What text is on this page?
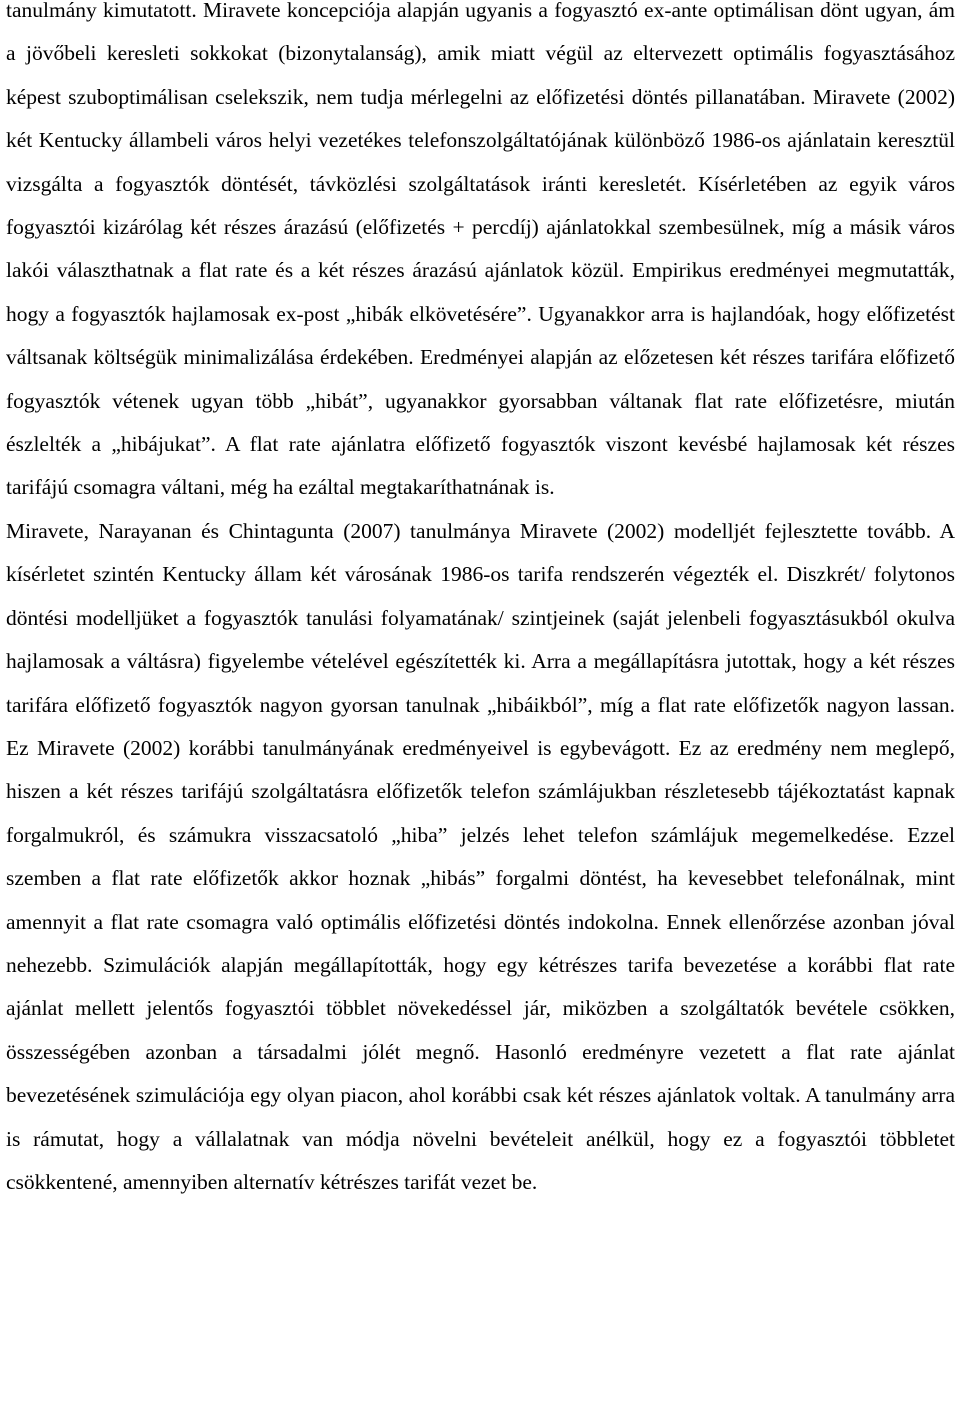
tanulmány kimutatott. Miravete koncepciója alapján ugyanis a fogyasztó ex-ante optimálisan dönt ugyan, ám a jövőbeli keresleti sokkokat (bizonytalanság), amik miatt végül az eltervezett optimális fogyasztásához képest szuboptimálisan cselekszik, nem tudja mérlegelni az előfizetési döntés pillanatában. Miravete (2002) két Kentucky állambeli város helyi vezetékes telefonszolgáltatójának különböző 1986-os ajánlatain keresztül vizsgálta a fogyasztók döntését, távközlési szolgáltatások iránti keresletét. Kísérletében az egyik város fogyasztói kizárólag két részes árazású (előfizetés + percdíj) ajánlatokkal szembesülnek, míg a másik város lakói választhatnak a flat rate és a két részes árazású ajánlatok közül. Empirikus eredményei megmutatták, hogy a fogyasztók hajlamosak ex-post „hibák elkövetésére”. Ugyanakkor arra is hajlandóak, hogy előfizetést váltsanak költségük minimalizálása érdekében. Eredményei alapján az előzetesen két részes tarifára előfizető fogyasztók vétenek ugyan több „hibát”, ugyanakkor gyorsabban váltanak flat rate előfizetésre, miután észlelték a „hibájukat”. A flat rate ajánlatra előfizető fogyasztók viszont kevésbé hajlamosak két részes tarifájú csomagra váltani, még ha ezáltal megtakaríthatnának is.

Miravete, Narayanan és Chintagunta (2007) tanulmánya Miravete (2002) modelljét fejlesztette tovább. A kísérletet szintén Kentucky állam két városának 1986-os tarifa rendszerén végezték el. Diszkrét/ folytonos döntési modelljüket a fogyasztók tanulási folyamatának/ szintjeinek (saját jelenbeli fogyasztásukból okulva hajlamosak a váltásra) figyelembe vételével egészítették ki. Arra a megállapításra jutottak, hogy a két részes tarifára előfizető fogyasztók nagyon gyorsan tanulnak „hibáikból”, míg a flat rate előfizetők nagyon lassan. Ez Miravete (2002) korábbi tanulmányának eredményeivel is egybevágott. Ez az eredmény nem meglepő, hiszen a két részes tarifájú szolgáltatásra előfizetők telefon számlájukban részletesebb tájékoztatást kapnak forgalmukról, és számukra visszacsatoló „hiba” jelzés lehet telefon számlájuk megemelkedése. Ezzel szemben a flat rate előfizetők akkor hoznak „hibás” forgalmi döntést, ha kevesebbet telefonálnak, mint amennyit a flat rate csomagra való optimális előfizetési döntés indokolna. Ennek ellenőrzése azonban jóval nehezebb. Szimulációk alapján megállapították, hogy egy kétrészes tarifa bevezetése a korábbi flat rate ajánlat mellett jelentős fogyasztói többlet növekedéssel jár, miközben a szolgáltatók bevétele csökken, összességében azonban a társadalmi jólét megnő. Hasonló eredményre vezetett a flat rate ajánlat bevezetésének szimulációja egy olyan piacon, ahol korábbi csak két részes ajánlatok voltak. A tanulmány arra is rámutat, hogy a vállalatnak van módja növelni bevételeit anélkül, hogy ez a fogyasztói többletet csökkentené, amennyiben alternatív kétrészes tarifát vezet be.
